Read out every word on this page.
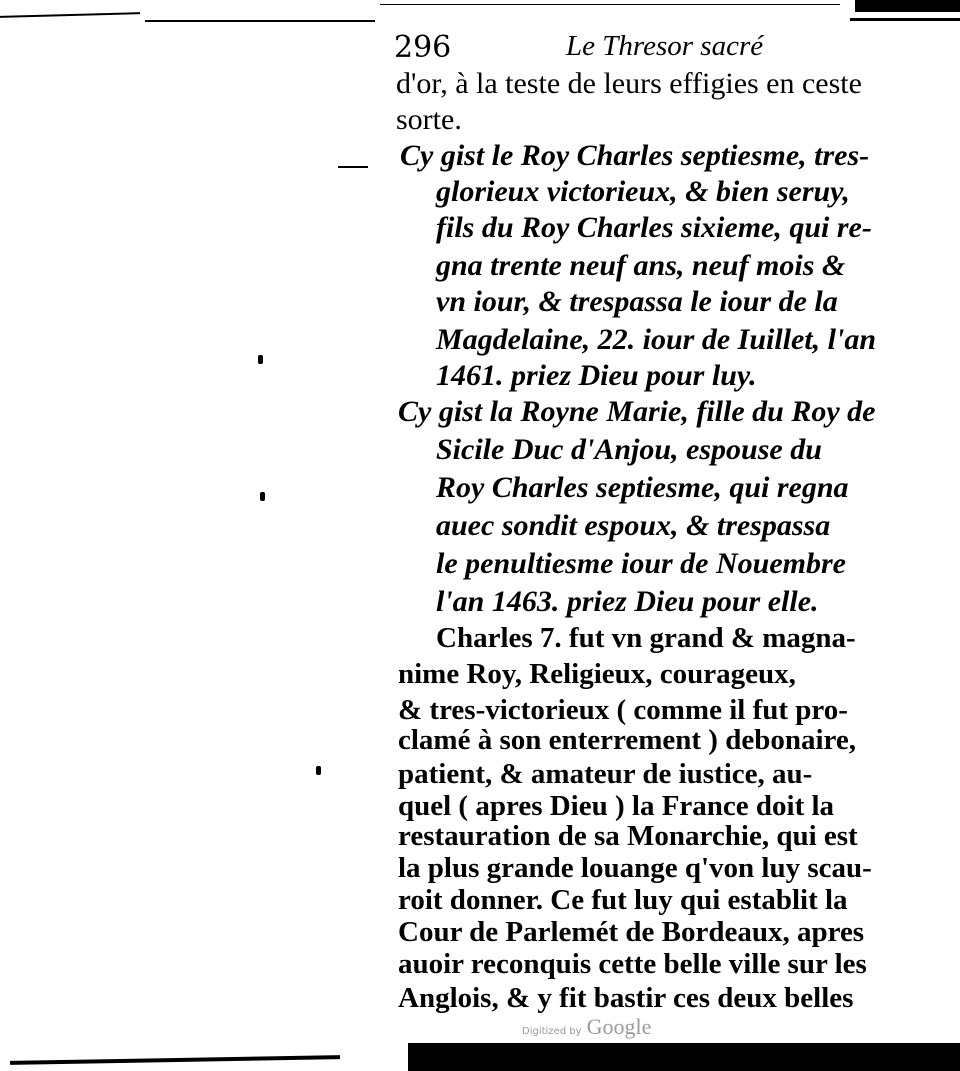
296	Le Thresor sacré
d'or, à la teste de leurs effigies en ceste
sorte.
Cy gist le Roy Charles septiesme, tres-
glorieux victorieux, & bien seruy,
fils du Roy Charles sixieme, qui re-
gna trente neuf ans, neuf mois &
vn iour, & trespassa le iour de la
Magdelaine, 22. iour de Iuillet, l'an
1461. priez Dieu pour luy.
Cy gist la Royne Marie, fille du Roy de
Sicile Duc d'Anjou, espouse du
Roy Charles septiesme, qui regna
auec sondit espoux, & trespassa
le penultiesme iour de Nouembre
l'an 1463. priez Dieu pour elle.
Charles 7. fut vn grand & magna-
nime Roy, Religieux, courageux,
& tres-victorieux ( comme il fut pro-
clamé à son enterrement ) debonaire,
patient, & amateur de iustice, au-
quel ( apres Dieu ) la France doit la
restauration de sa Monarchie, qui est
la plus grande louange q'von luy scau-
roit donner. Ce fut luy qui establit la
Cour de Parlemét de Bordeaux, apres
auoir reconquis cette belle ville sur les
Anglois, & y fit bastir ces deux belles
Digitized by Google
